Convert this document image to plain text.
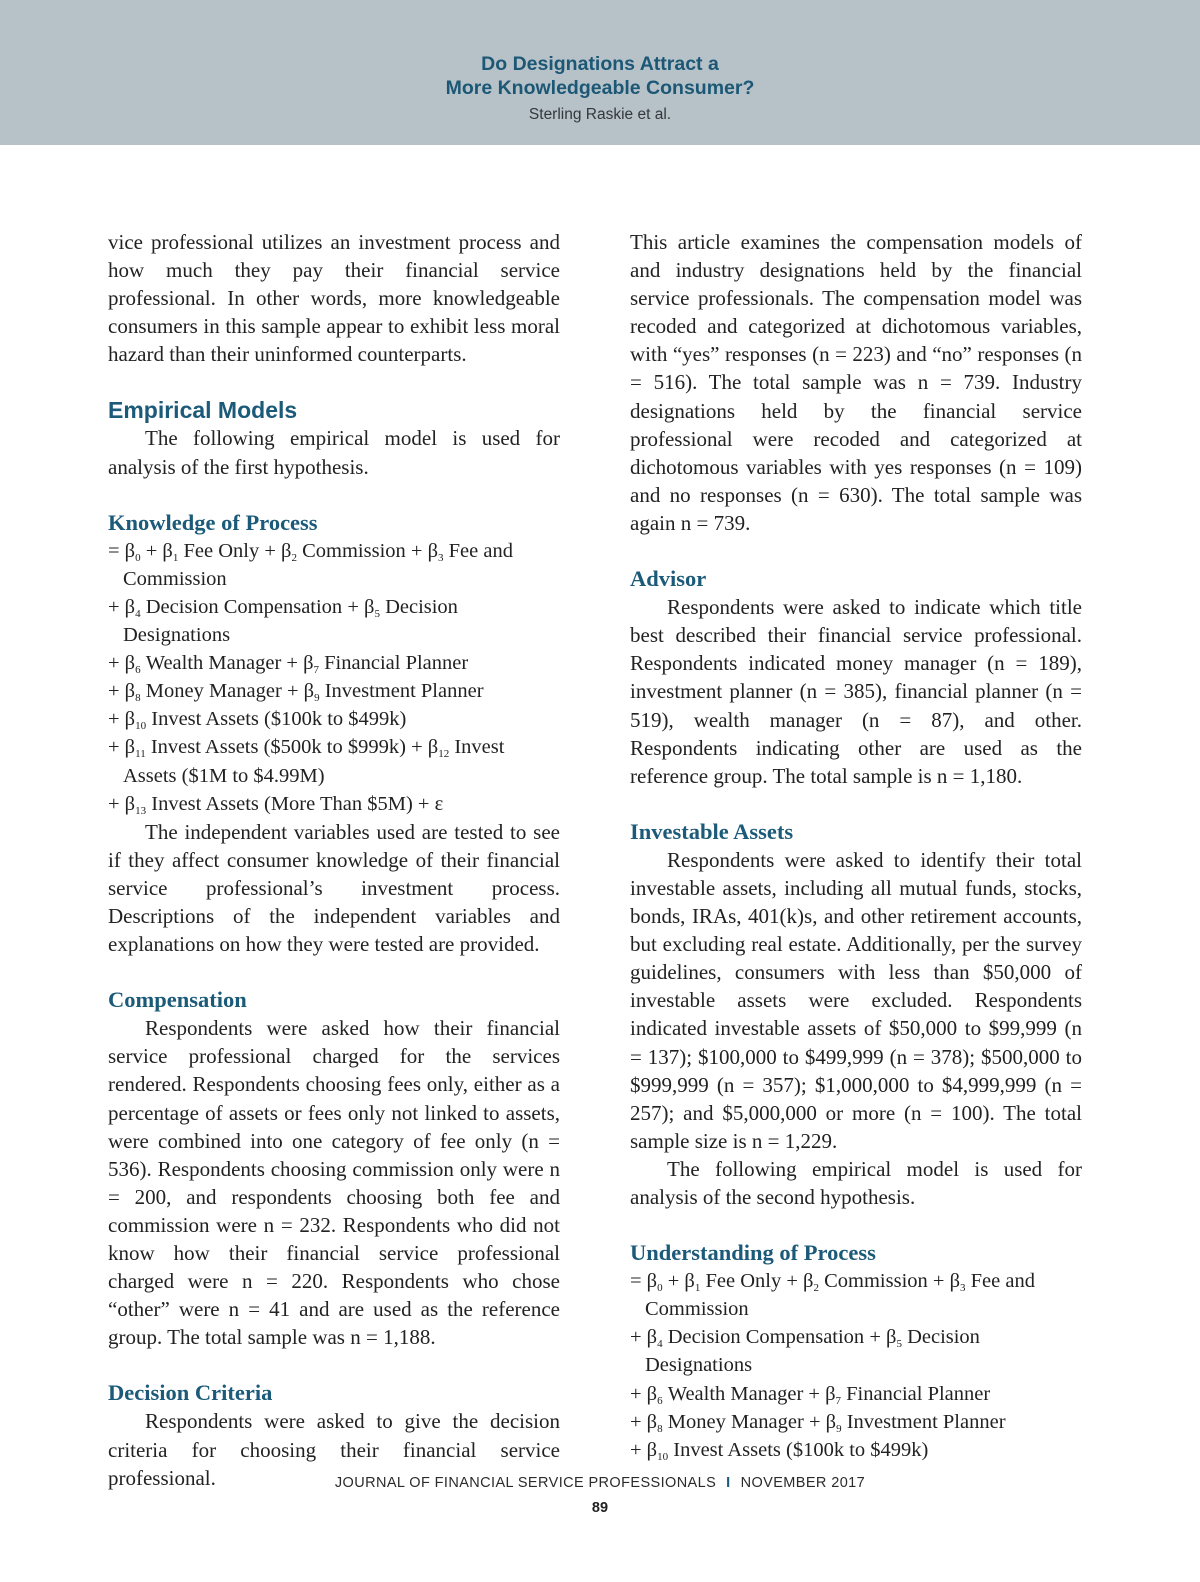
Do Designations Attract a
More Knowledgeable Consumer?
Sterling Raskie et al.

vice professional utilizes an investment process and how much they pay their financial service professional. In other words, more knowledgeable consumers in this sample appear to exhibit less moral hazard than their uninformed counterparts.

Empirical Models

The following empirical model is used for analysis of the first hypothesis.

Knowledge of Process
= $\beta_0 + \beta_1$ Fee Only + $\beta_2$ Commission + $\beta_3$ Fee and Commission
+ $\beta_4$ Decision Compensation + $\beta_5$ Decision Designations
+ $\beta_6$ Wealth Manager + $\beta_7$ Financial Planner
+ $\beta_8$ Money Manager + $\beta_9$ Investment Planner
+ $\beta_{10}$ Invest Assets ($100k to $499k)
+ $\beta_{11}$ Invest Assets ($500k to $999k) + $\beta_{12}$ Invest Assets ($1M to $4.99M)
+ $\beta_{13}$ Invest Assets (More Than $5M) + ε

The independent variables used are tested to see if they affect consumer knowledge of their financial service professional’s investment process. Descriptions of the independent variables and explanations on how they were tested are provided.

Compensation

Respondents were asked how their financial service professional charged for the services rendered. Respondents choosing fees only, either as a percentage of assets or fees only not linked to assets, were combined into one category of fee only (n = 536). Respondents choosing commission only were n = 200, and respondents choosing both fee and commission were n = 232. Respondents who did not know how their financial service professional charged were n = 220. Respondents who chose “other” were n = 41 and are used as the reference group. The total sample was n = 1,188.

Decision Criteria

Respondents were asked to give the decision criteria for choosing their financial service professional.

This article examines the compensation models of and industry designations held by the financial service professionals. The compensation model was recoded and categorized at dichotomous variables, with “yes” responses (n = 223) and “no” responses (n = 516). The total sample was n = 739. Industry designations held by the financial service professional were recoded and categorized at dichotomous variables with yes responses (n = 109) and no responses (n = 630). The total sample was again n = 739.

Advisor

Respondents were asked to indicate which title best described their financial service professional. Respondents indicated money manager (n = 189), investment planner (n = 385), financial planner (n = 519), wealth manager (n = 87), and other. Respondents indicating other are used as the reference group. The total sample is n = 1,180.

Investable Assets

Respondents were asked to identify their total investable assets, including all mutual funds, stocks, bonds, IRAs, 401(k)s, and other retirement accounts, but excluding real estate. Additionally, per the survey guidelines, consumers with less than $50,000 of investable assets were excluded. Respondents indicated investable assets of $50,000 to $99,999 (n = 137); $100,000 to $499,999 (n = 378); $500,000 to $999,999 (n = 357); $1,000,000 to $4,999,999 (n = 257); and $5,000,000 or more (n = 100). The total sample size is n = 1,229.

The following empirical model is used for analysis of the second hypothesis.

Understanding of Process
= $\beta_0 + \beta_1$ Fee Only + $\beta_2$ Commission + $\beta_3$ Fee and Commission
+ $\beta_4$ Decision Compensation + $\beta_5$ Decision Designations
+ $\beta_6$ Wealth Manager + $\beta_7$ Financial Planner
+ $\beta_8$ Money Manager + $\beta_9$ Investment Planner
+ $\beta_{10}$ Invest Assets ($100k to $499k)
JOURNAL OF FINANCIAL SERVICE PROFESSIONALS I NOVEMBER 2017
89
